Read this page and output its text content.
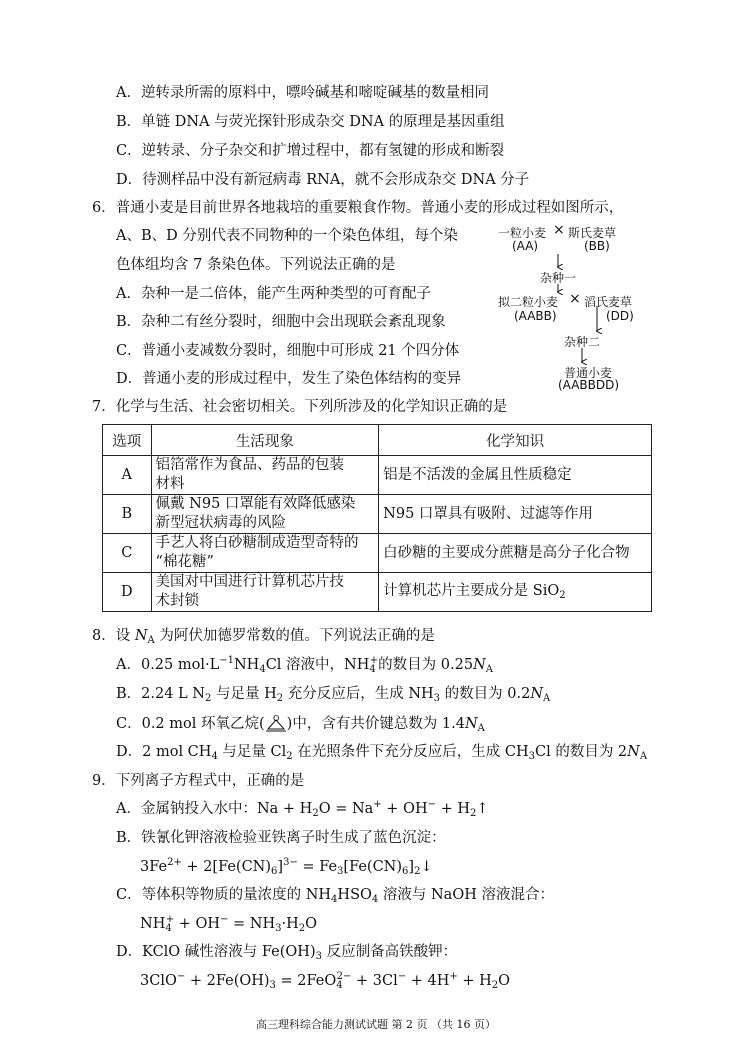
A．逆转录所需的原料中，嘌呤碱基和嘧啶碱基的数量相同
B．单链 DNA 与荧光探针形成杂交 DNA 的原理是基因重组
C．逆转录、分子杂交和扩增过程中，都有氢键的形成和断裂
D．待测样品中没有新冠病毒 RNA，就不会形成杂交 DNA 分子
6．普通小麦是目前世界各地栽培的重要粮食作物。普通小麦的形成过程如图所示，
A、B、D 分别代表不同物种的一个染色体组，每个染
色体组均含 7 条染色体。下列说法正确的是
A．杂种一是二倍体，能产生两种类型的可育配子
B．杂种二有丝分裂时，细胞中会出现联会紊乱现象
C．普通小麦减数分裂时，细胞中可形成 21 个四分体
D．普通小麦的形成过程中，发生了染色体结构的变异
一粒小麦 × 斯氏麦草
(AA)	(BB)
杂种一
拟二粒小麦 × 滔氏麦草
(AABB)	(DD)
杂种二
普通小麦
(AABBDD)
7．化学与生活、社会密切相关。下列所涉及的化学知识正确的是
选项	生活现象	化学知识
A	铝箔常作为食品、药品的包装
材料	铝是不活泼的金属且性质稳定
B	佩戴 N95 口罩能有效降低感染
新型冠状病毒的风险	N95 口罩具有吸附、过滤等作用
C	手艺人将白砂糖制成造型奇特的
“棉花糖”	白砂糖的主要成分蔗糖是高分子化合物
D	美国对中国进行计算机芯片技
术封锁	计算机芯片主要成分是 SiO$_2$
8．设 $N_A$ 为阿伏加德罗常数的值。下列说法正确的是
A．0.25 $mol\cdot L^{-1}NH_4Cl$ 溶液中，$NH_4^+$的数目为 $0.25N_A$
B．2.24 L $N_2$ 与足量 $H_2$ 充分反应后，生成 $NH_3$ 的数目为 $0.2N_A$
C．0.2 mol 环氧乙烷( O )中，含有共价键总数为 $1.4N_A$
D．2 mol $CH_4$ 与足量 $Cl_2$ 在光照条件下充分反应后，生成 $CH_3Cl$ 的数目为 $2N_A$
9．下列离子方程式中，正确的是
A．金属钠投入水中：$Na + H_2O = Na^+ + OH^-$ + $H_2↑$
B．铁氰化钾溶液检验亚铁离子时生成了蓝色沉淀：
$3Fe^{2+} + 2[Fe(CN)_6]^{3-}$ = $Fe_3[Fe(CN)_6]_2↓$
C．等体积等物质的量浓度的 $NH_4HSO_4$ 溶液与 NaOH 溶液混合：
$NH_4^+ + OH^- = NH_3\cdot H_2O$
D．KClO 碱性溶液与 $Fe(OH)_3$ 反应制备高铁酸钾：
$3ClO^- + 2Fe(OH)_3 = 2FeO_4^{2-} + 3Cl^- + 4H^+ + H_2O$
高三理科综合能力测试试题 第 2 页 （共 16 页）
